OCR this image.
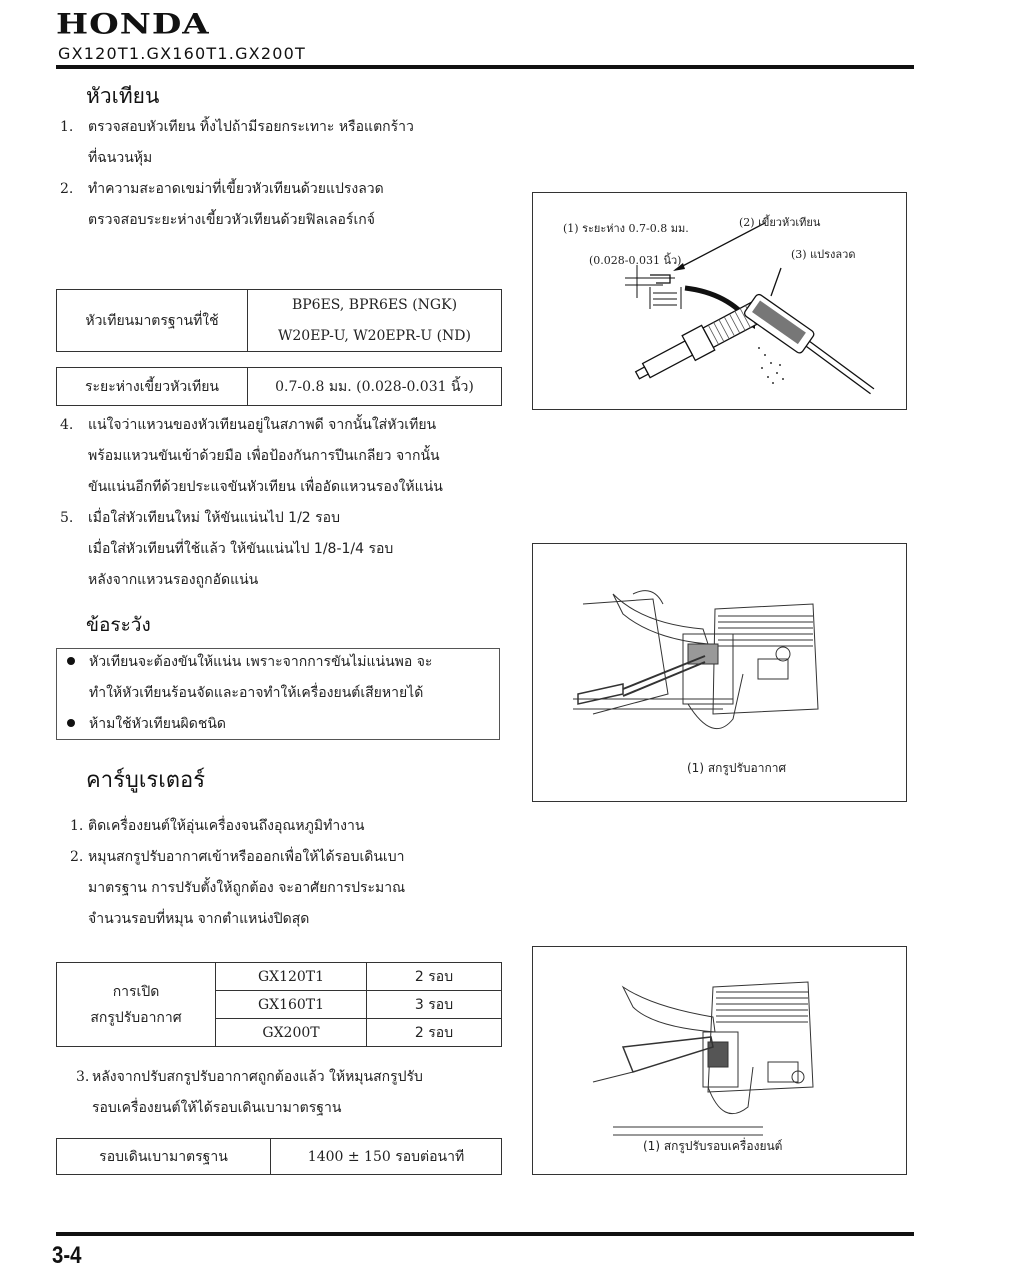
HONDA
GX120T1.GX160T1.GX200T
หัวเทียน
1. ตรวจสอบหัวเทียน ทิ้งไปถ้ามีรอยกระเทาะ หรือแตกร้าว
ที่ฉนวนหุ้ม
2. ทำความสะอาดเขม่าที่เขี้ยวหัวเทียนด้วยแปรงลวด
ตรวจสอบระยะห่างเขี้ยวหัวเทียนด้วยฟิลเลอร์เกจ์
หัวเทียนมาตรฐานที่ใช้	BP6ES, BPR6ES (NGK)
W20EP-U, W20EPR-U (ND)
ระยะห่างเขี้ยวหัวเทียน	0.7-0.8 มม. (0.028-0.031 นิ้ว)
4. แน่ใจว่าแหวนของหัวเทียนอยู่ในสภาพดี จากนั้นใส่หัวเทียน
พร้อมแหวนขันเข้าด้วยมือ เพื่อป้องกันการปีนเกลียว จากนั้น
ขันแน่นอีกทีด้วยประแจขันหัวเทียน เพื่ออัดแหวนรองให้แน่น
5. เมื่อใส่หัวเทียนใหม่ ให้ขันแน่นไป 1/2 รอบ
เมื่อใส่หัวเทียนที่ใช้แล้ว ให้ขันแน่นไป 1/8-1/4 รอบ
หลังจากแหวนรองถูกอัดแน่น
ข้อระวัง
หัวเทียนจะต้องขันให้แน่น เพราะจากการขันไม่แน่นพอ จะ
ทำให้หัวเทียนร้อนจัดและอาจทำให้เครื่องยนต์เสียหายได้
ห้ามใช้หัวเทียนผิดชนิด
(1) ระยะห่าง 0.7-0.8 มม.
(0.028-0.031 นิ้ว)
(2) เขี้ยวหัวเทียน
(3) แปรงลวด
คาร์บูเรเตอร์
1. ติดเครื่องยนต์ให้อุ่นเครื่องจนถึงอุณหภูมิทำงาน
2. หมุนสกรูปรับอากาศเข้าหรือออกเพื่อให้ได้รอบเดินเบา
มาตรฐาน การปรับตั้งให้ถูกต้อง จะอาศัยการประมาณ
จำนวนรอบที่หมุน จากตำแหน่งปิดสุด
การเปิด
สกรูปรับอากาศ	GX120T1	2 รอบ
	GX160T1	3 รอบ
	GX200T	2 รอบ
3. หลังจากปรับสกรูปรับอากาศถูกต้องแล้ว ให้หมุนสกรูปรับ
รอบเครื่องยนต์ให้ได้รอบเดินเบามาตรฐาน
รอบเดินเบามาตรฐาน	1400 ± 150 รอบต่อนาที
(1) สกรูปรับอากาศ
(1) สกรูปรับรอบเครื่องยนต์
3-4
